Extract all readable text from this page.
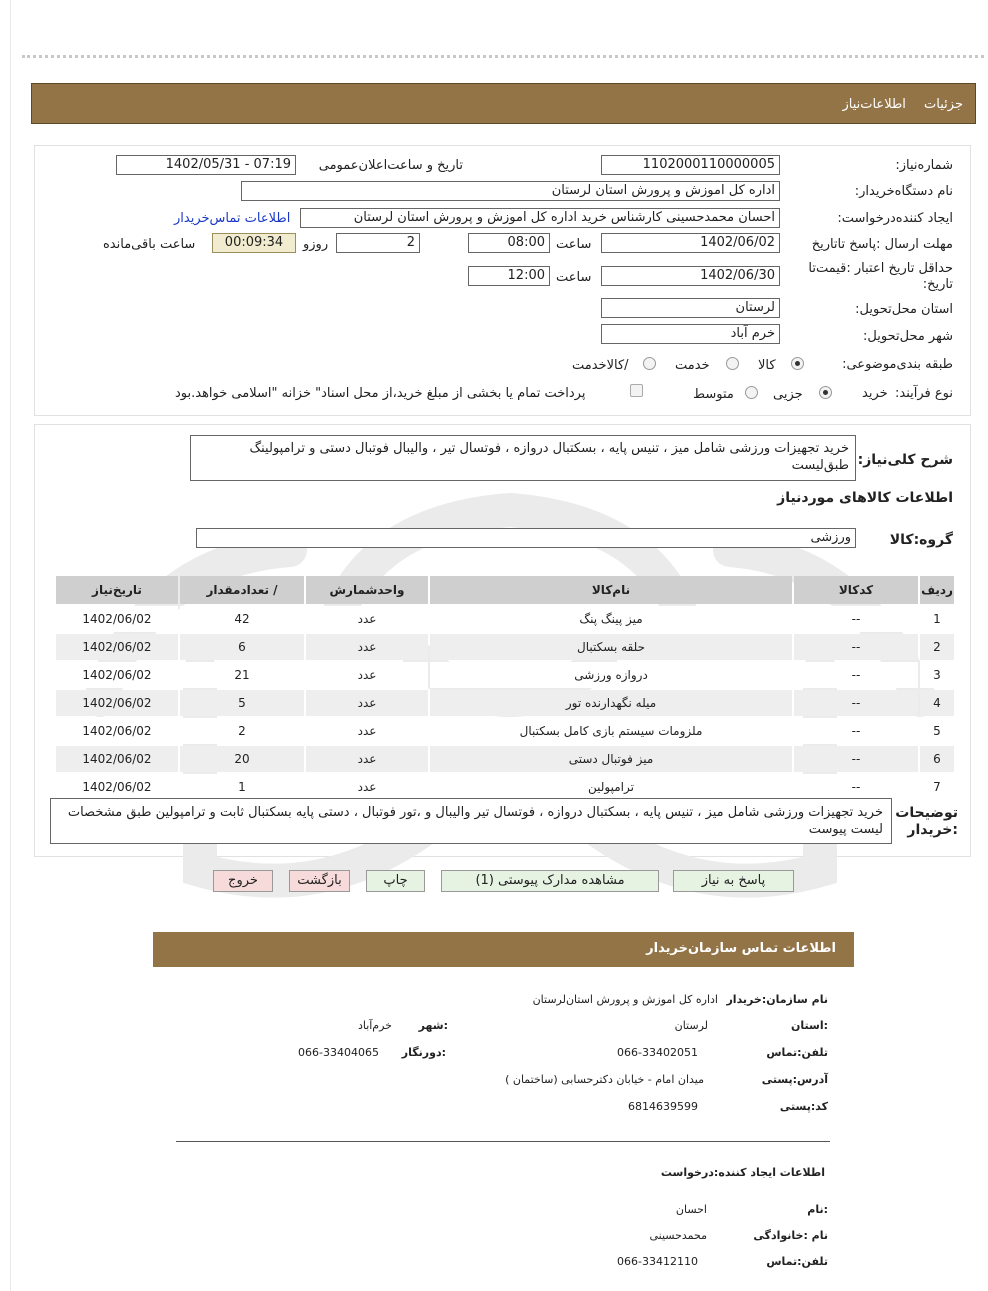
جزئیات اطلاعات‌نیاز
شماره‌نیاز:
1102000110000005
تاریخ و ساعت‌اعلان‌عمومی
1402/05/31 - 07:19
نام دستگاه‌خریدار:
اداره کل اموزش و پرورش استان لرستان
ایجاد کننده‌درخواست:
احسان محمدحسینی کارشناس خرید اداره کل اموزش و پرورش استان لرستان
اطلاعات تماس‌خریدار
مهلت ارسال :پاسخ تا‌تاریخ
1402/06/02
ساعت
08:00
2
روزو
00:09:34
ساعت باقی‌مانده
حداقل تاریخ اعتبار :قیمت‌تا تاریخ:
1402/06/30
ساعت
12:00
استان محل‌تحویل:
لرستان
شهر محل‌تحویل:
خرم آباد
طبقه بندی‌موضوعی:
کالا
خدمت
/کالاخدمت
نوع فرآیند:
خرید
جزیی
متوسط
پرداخت تمام یا بخشی از مبلغ خرید،از محل اسناد" خزانه "اسلامی خواهد.بود
شرح کلی‌نیاز:
خرید تجهیزات ورزشی شامل میز ، تنیس پایه ، بسکتبال دروازه ، فوتسال تیر ، والیبال فوتبال دستی و ترامپولینگ طبق‌لیست
اطلاعات کالاهای مورد‌نیاز
گروه‌:کالا
ورزشی
ردیف	کدکالا	نام‌کالا	واحدشمارش	/ تعدادمقدار	تاریخ‌نیاز
1	--	میز پینگ پنگ	عدد	42	1402/06/02
2	--	حلقه بسکتبال	عدد	6	1402/06/02
3	--	دروازه ورزشی	عدد	21	1402/06/02
4	--	میله نگهدارنده تور	عدد	5	1402/06/02
5	--	ملزومات سیستم بازی کامل بسکتبال	عدد	2	1402/06/02
6	--	میز فوتبال دستی	عدد	20	1402/06/02
7	--	ترامپولین	عدد	1	1402/06/02
توضیحات :خریدار
خرید تجهیزات ورزشی شامل میز ، تنیس پایه ، بسکتبال دروازه ، فوتسال تیر والیبال و ،تور فوتبال ، دستی پایه بسکتبال ثابت و ترامپولین طبق مشخصات لیست پیوست
پاسخ به نیاز
مشاهده مدارک پیوستی (1)
چاپ
بازگشت
خروج
اطلاعات تماس سازمان‌خریدار
نام سازمان:خریدار
اداره کل اموزش و پرورش استان‌لرستان
:استان
لرستان
:شهر
خرم‌آباد
تلفن:تماس
066-33402051
:دورنگار
066-33404065
آدرس:پستی
میدان امام - خیابان دکترحسابی (ساختمان )
کد:پستی
6814639599
اطلاعات ایجاد کننده:درخواست
:نام
احسان
نام :خانوادگی
محمدحسینی
تلفن:تماس
066-33412110
